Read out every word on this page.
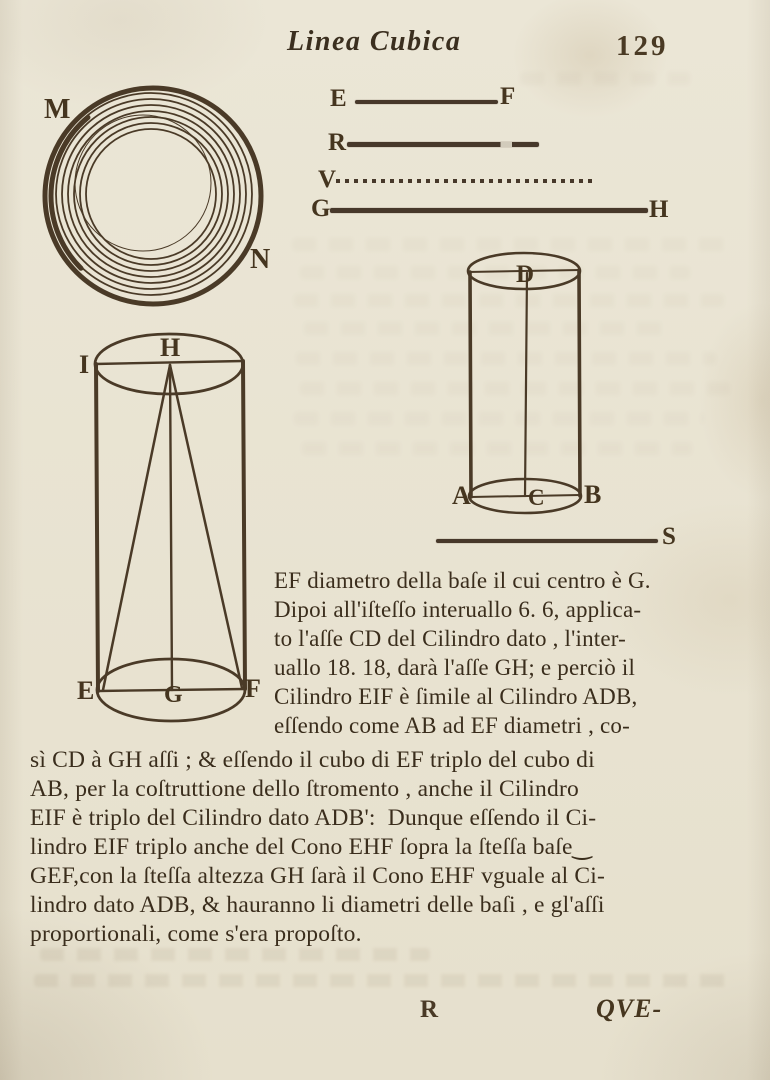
Linea Cubica	129
M
N
E	F
R
V
G	H
D
A C B
S
I
H
E	G F
EF diametro della baſe il cui centro è G.
Dipoi all'iſteſſo interuallo 6. 6, applica-
to l'aſſe CD del Cilindro dato , l'inter-
uallo 18. 18, darà l'aſſe GH; e perciò il
Cilindro EIF è ſimile al Cilindro ADB,
eſſendo come AB ad EF diametri , co-
sì CD à GH aſſi ; & eſſendo il cubo di EF triplo del cubo di
AB, per la coſtruttione dello ſtromento , anche il Cilindro
EIF è triplo del Cilindro dato ADB':  Dunque eſſendo il Ci-
lindro EIF triplo anche del Cono EHF ſopra la ſteſſa baſe‿
GEF,con la ſteſſa altezza GH ſarà il Cono EHF vguale al Ci-
lindro dato ADB, & hauranno li diametri delle baſi , e gl'aſſi
proportionali, come s'era propoſto.
R	QVE-
